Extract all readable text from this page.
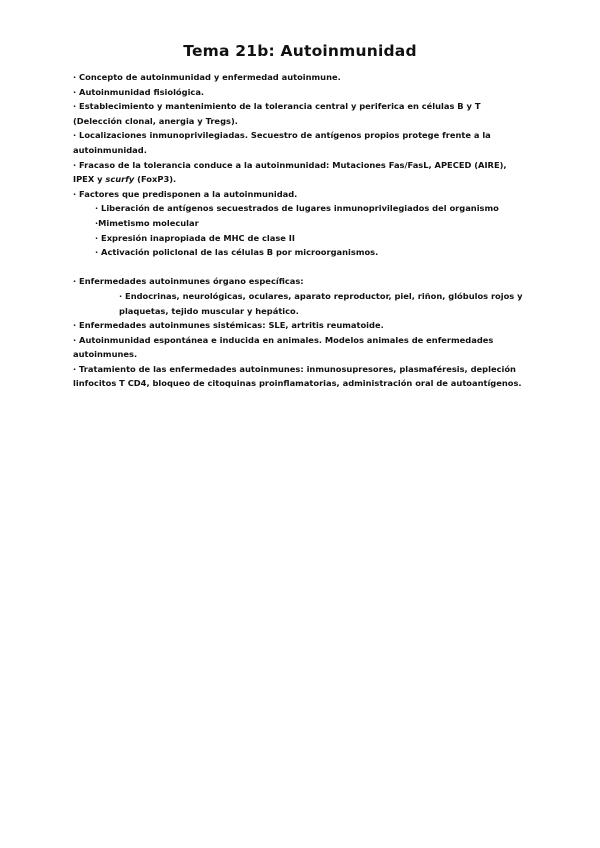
Tema 21b: Autoinmunidad
· Concepto de autoinmunidad y enfermedad autoinmune.
· Autoinmunidad fisiológica.
· Establecimiento y mantenimiento de la tolerancia central y periferica en células B y T
(Delección clonal, anergia y Tregs).
· Localizaciones inmunoprivilegiadas. Secuestro de antígenos propios protege frente a la
autoinmunidad.
· Fracaso de la tolerancia conduce a la autoinmunidad: Mutaciones Fas/FasL, APECED (AIRE),
IPEX y scurfy (FoxP3).
· Factores que predisponen a la autoinmunidad.
· Liberación de antígenos secuestrados de lugares inmunoprivilegiados del organismo
·Mimetismo molecular
· Expresión inapropiada de MHC de clase II
· Activación policlonal de las células B por microorganismos.
· Enfermedades autoinmunes órgano específicas:
· Endocrinas, neurológicas, oculares, aparato reproductor, piel, riñon, glóbulos rojos y
plaquetas, tejido muscular y hepático.
· Enfermedades autoinmunes sistémicas: SLE, artritis reumatoide.
· Autoinmunidad espontánea e inducida en animales. Modelos animales de enfermedades
autoinmunes.
· Tratamiento de las enfermedades autoinmunes: inmunosupresores, plasmaféresis, depleción
linfocitos T CD4, bloqueo de citoquinas proinflamatorias, administración oral de autoantígenos.
